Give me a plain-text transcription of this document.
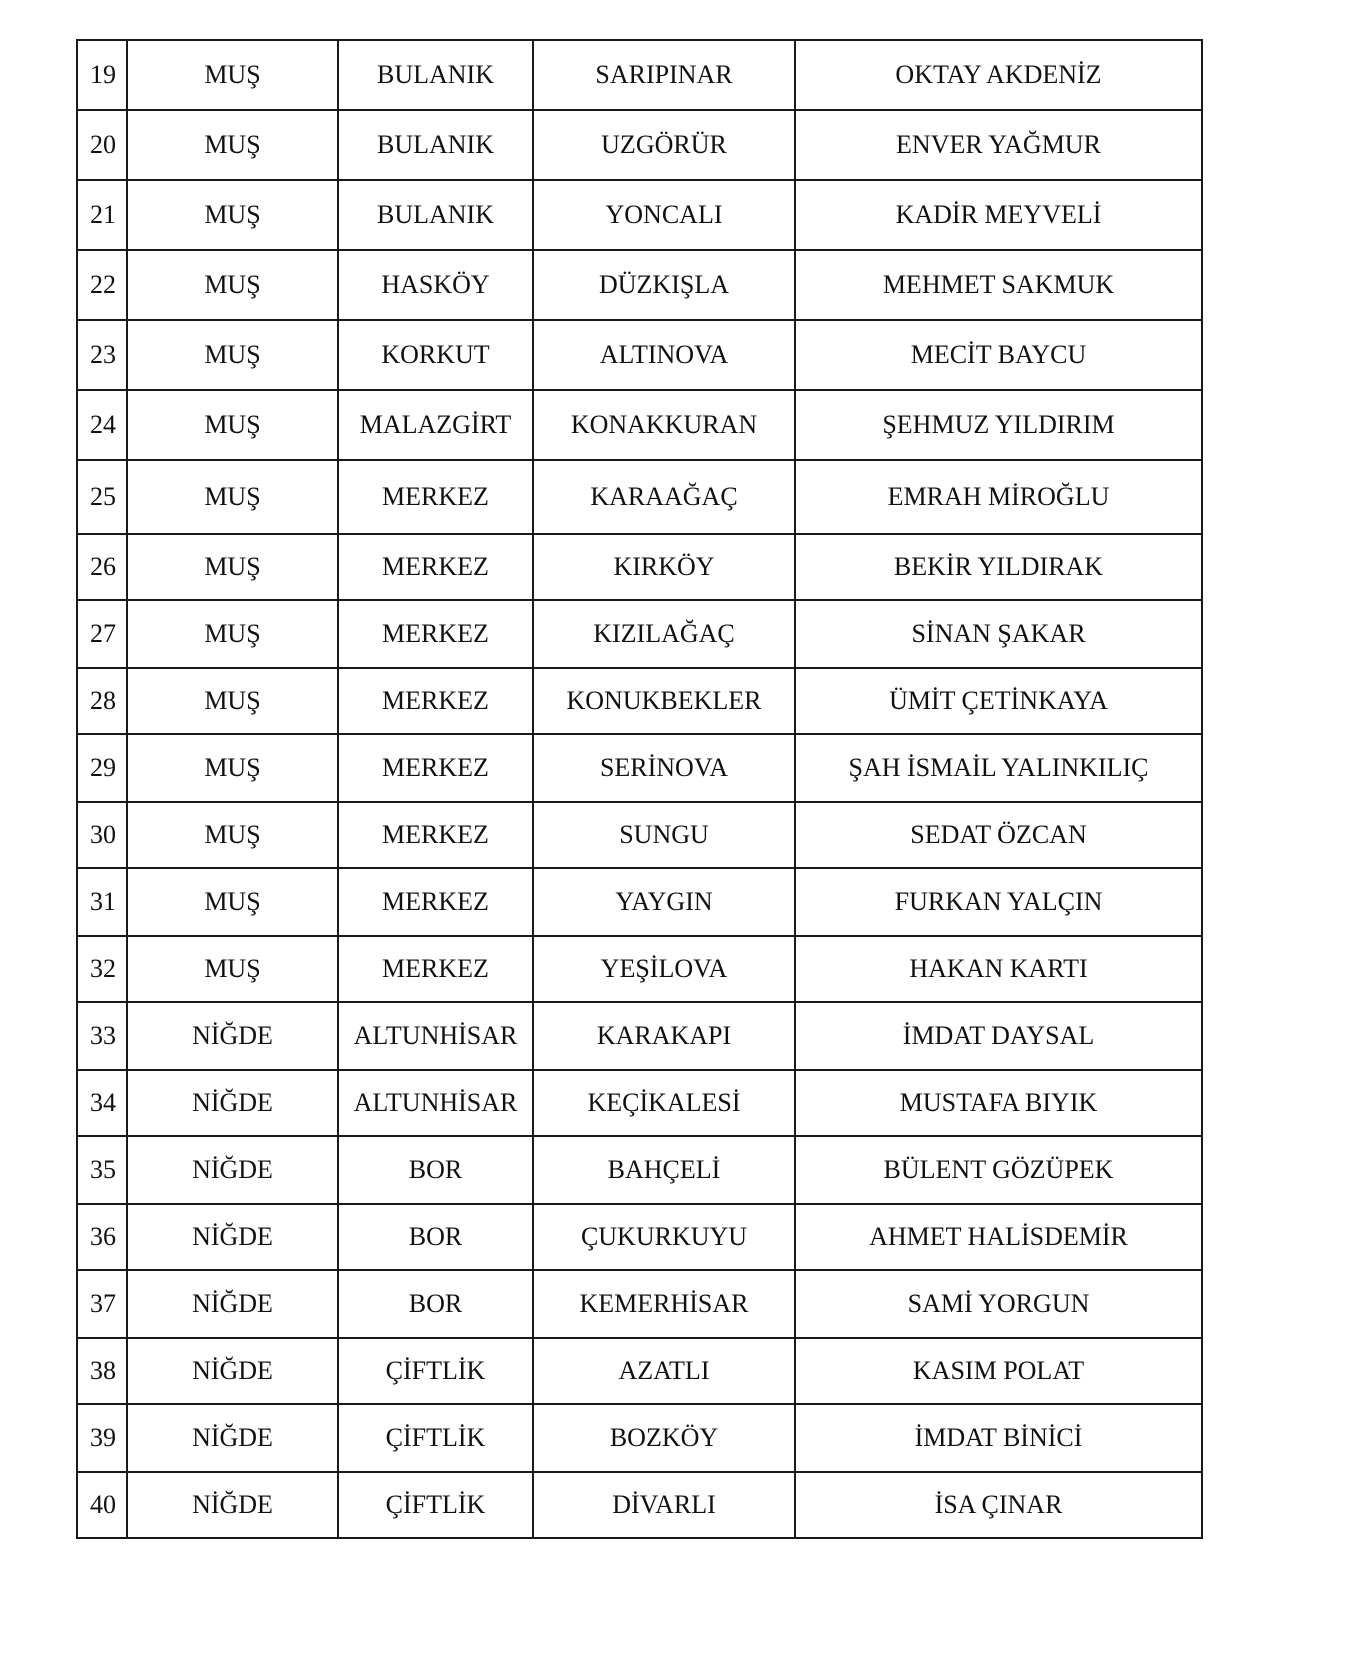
19	MUŞ	BULANIK	SARIPINAR	OKTAY AKDENİZ
20	MUŞ	BULANIK	UZGÖRÜR	ENVER YAĞMUR
21	MUŞ	BULANIK	YONCALI	KADİR MEYVELİ
22	MUŞ	HASKÖY	DÜZKIŞLA	MEHMET SAKMUK
23	MUŞ	KORKUT	ALTINOVA	MECİT BAYCU
24	MUŞ	MALAZGİRT	KONAKKURAN	ŞEHMUZ YILDIRIM
25	MUŞ	MERKEZ	KARAAĞAÇ	EMRAH MİROĞLU
26	MUŞ	MERKEZ	KIRKÖY	BEKİR YILDIRAK
27	MUŞ	MERKEZ	KIZILAĞAÇ	SİNAN ŞAKAR
28	MUŞ	MERKEZ	KONUKBEKLER	ÜMİT ÇETİNKAYA
29	MUŞ	MERKEZ	SERİNOVA	ŞAH İSMAİL YALINKILIÇ
30	MUŞ	MERKEZ	SUNGU	SEDAT ÖZCAN
31	MUŞ	MERKEZ	YAYGIN	FURKAN YALÇIN
32	MUŞ	MERKEZ	YEŞİLOVA	HAKAN KARTI
33	NİĞDE	ALTUNHİSAR	KARAKAPI	İMDAT DAYSAL
34	NİĞDE	ALTUNHİSAR	KEÇİKALESİ	MUSTAFA BIYIK
35	NİĞDE	BOR	BAHÇELİ	BÜLENT GÖZÜPEK
36	NİĞDE	BOR	ÇUKURKUYU	AHMET HALİSDEMİR
37	NİĞDE	BOR	KEMERHİSAR	SAMİ YORGUN
38	NİĞDE	ÇİFTLİK	AZATLI	KASIM POLAT
39	NİĞDE	ÇİFTLİK	BOZKÖY	İMDAT BİNİCİ
40	NİĞDE	ÇİFTLİK	DİVARLI	İSA ÇINAR
